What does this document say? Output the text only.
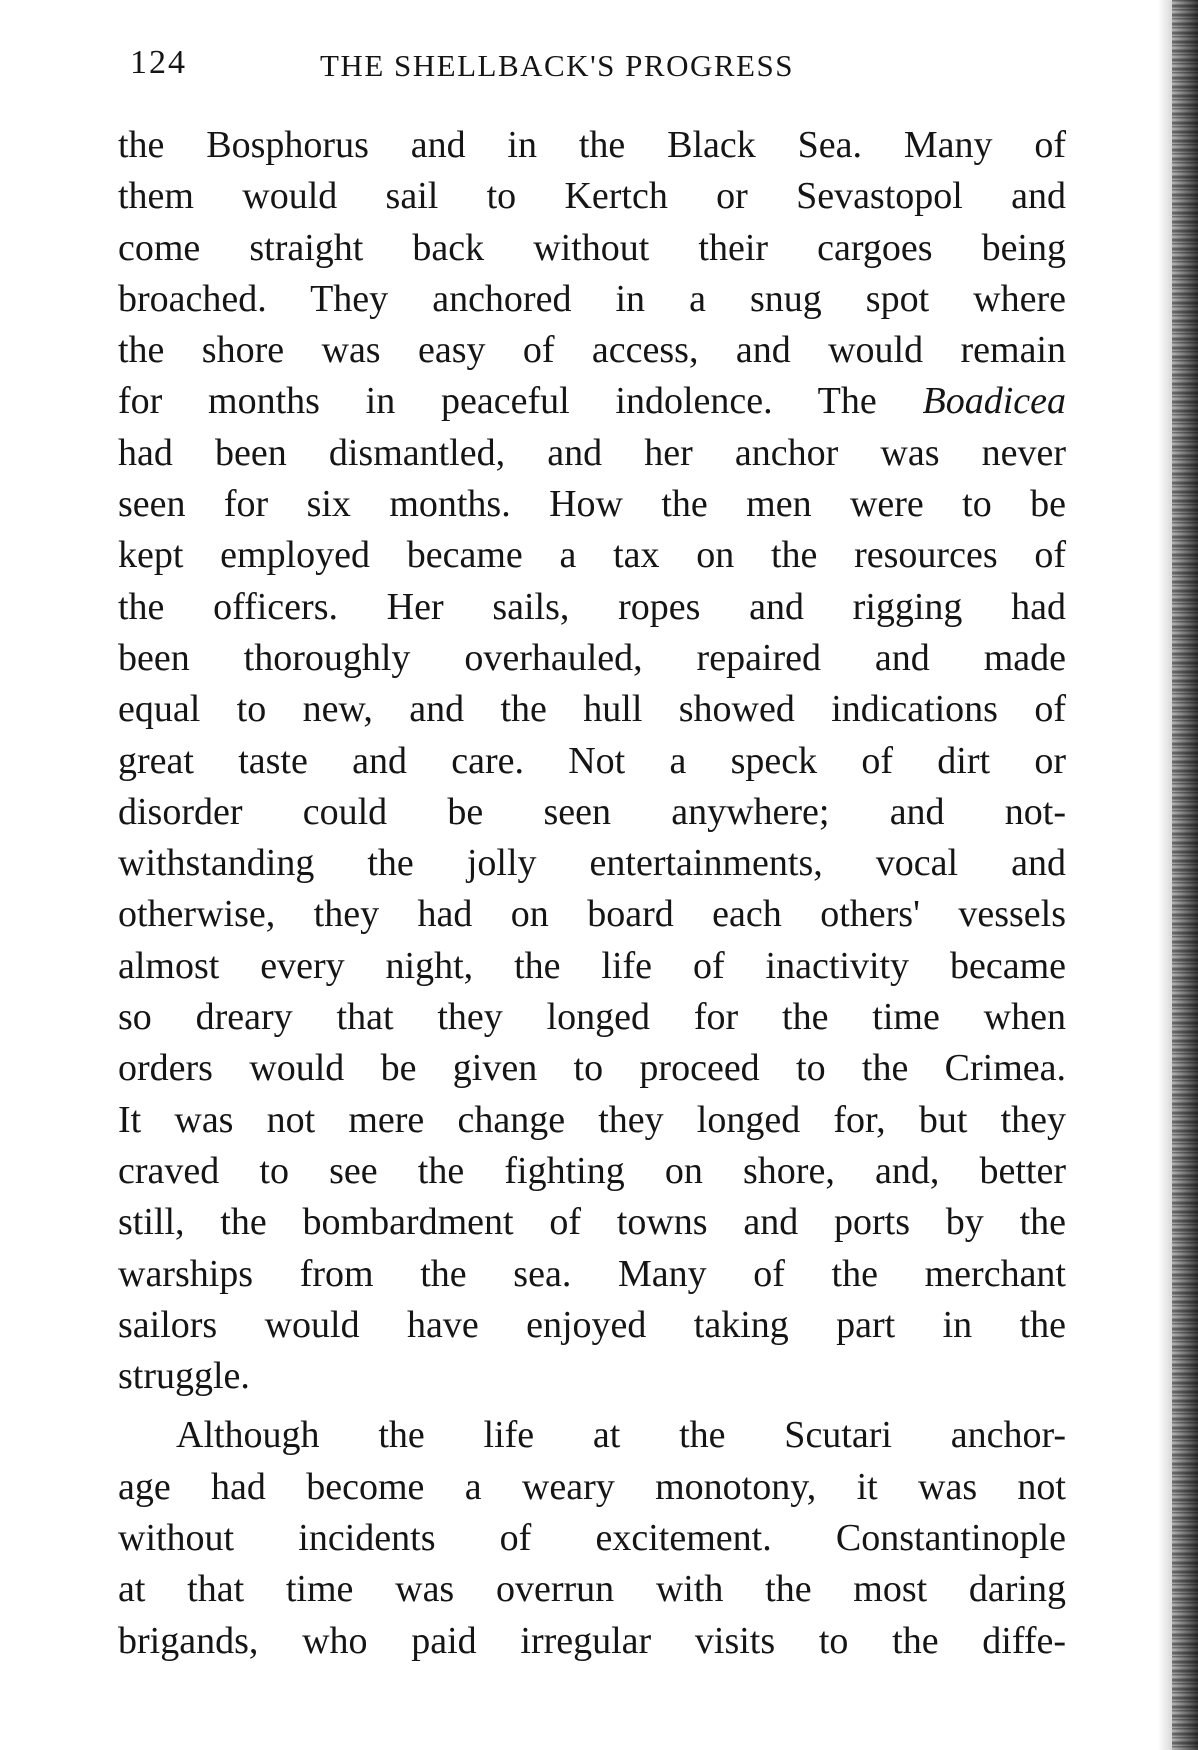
124	THE SHELLBACK'S PROGRESS
the Bosphorus and in the Black Sea. Many of
them would sail to Kertch or Sevastopol and
come straight back without their cargoes being
broached. They anchored in a snug spot where
the shore was easy of access, and would remain
for months in peaceful indolence. The Boadicea
had been dismantled, and her anchor was never
seen for six months. How the men were to be
kept employed became a tax on the resources of
the officers. Her sails, ropes and rigging had
been thoroughly overhauled, repaired and made
equal to new, and the hull showed indications of
great taste and care. Not a speck of dirt or
disorder could be seen anywhere; and not-
withstanding the jolly entertainments, vocal and
otherwise, they had on board each others' vessels
almost every night, the life of inactivity became
so dreary that they longed for the time when
orders would be given to proceed to the Crimea.
It was not mere change they longed for, but they
craved to see the fighting on shore, and, better
still, the bombardment of towns and ports by the
warships from the sea. Many of the merchant
sailors would have enjoyed taking part in the
struggle.
Although the life at the Scutari anchor-
age had become a weary monotony, it was not
without incidents of excitement. Constantinople
at that time was overrun with the most daring
brigands, who paid irregular visits to the diffe-
